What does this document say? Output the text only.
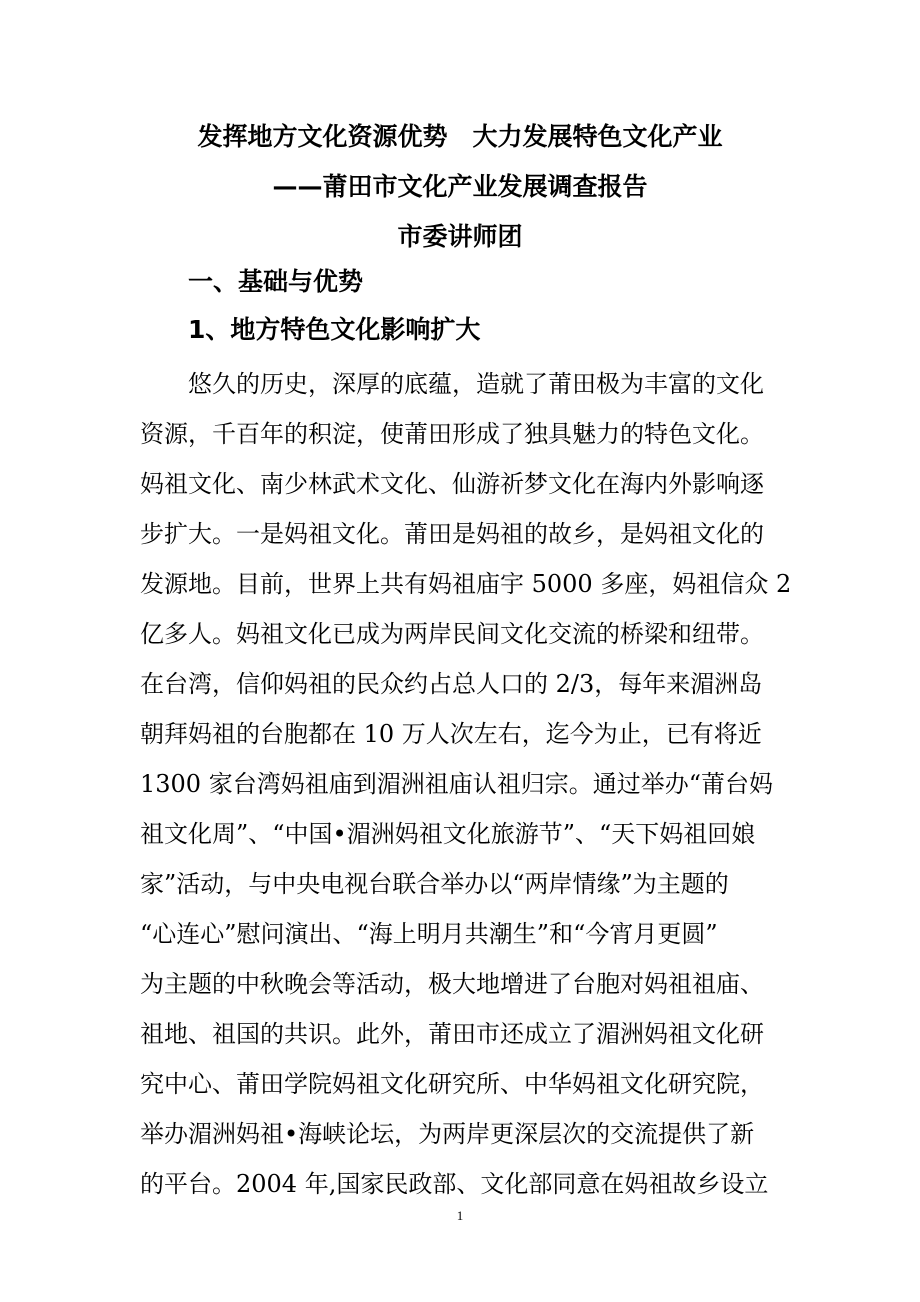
发挥地方文化资源优势　大力发展特色文化产业
——莆田市文化产业发展调查报告
市委讲师团
一、基础与优势
1、地方特色文化影响扩大
悠久的历史，深厚的底蕴，造就了莆田极为丰富的文化
资源，千百年的积淀，使莆田形成了独具魅力的特色文化。
妈祖文化、南少林武术文化、仙游祈梦文化在海内外影响逐
步扩大。一是妈祖文化。莆田是妈祖的故乡，是妈祖文化的
发源地。目前，世界上共有妈祖庙宇 5000 多座，妈祖信众 2
亿多人。妈祖文化已成为两岸民间文化交流的桥梁和纽带。
在台湾，信仰妈祖的民众约占总人口的 2/3，每年来湄洲岛
朝拜妈祖的台胞都在 10 万人次左右，迄今为止，已有将近
1300 家台湾妈祖庙到湄洲祖庙认祖归宗。通过举办“莆台妈
祖文化周”、“中国•湄洲妈祖文化旅游节”、“天下妈祖回娘
家”活动，与中央电视台联合举办以“两岸情缘”为主题的
“心连心”慰问演出、“海上明月共潮生”和“今宵月更圆”
为主题的中秋晚会等活动，极大地增进了台胞对妈祖祖庙、
祖地、祖国的共识。此外，莆田市还成立了湄洲妈祖文化研
究中心、莆田学院妈祖文化研究所、中华妈祖文化研究院，
举办湄洲妈祖•海峡论坛，为两岸更深层次的交流提供了新
的平台。2004 年,国家民政部、文化部同意在妈祖故乡设立
1
